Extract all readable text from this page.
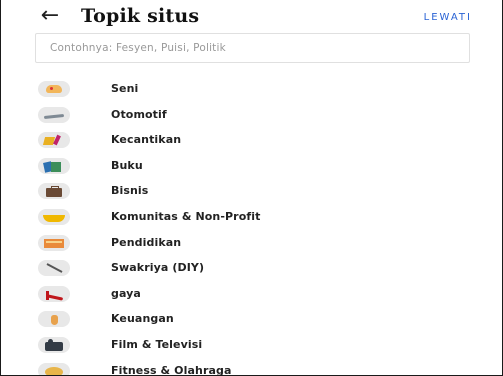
← Topik situs	LEWATI
Contohnya: Fesyen, Puisi, Politik
Seni
Otomotif
Kecantikan
Buku
Bisnis
Komunitas & Non-Profit
Pendidikan
Swakriya (DIY)
gaya
Keuangan
Film & Televisi
Fitness & Olahraga
